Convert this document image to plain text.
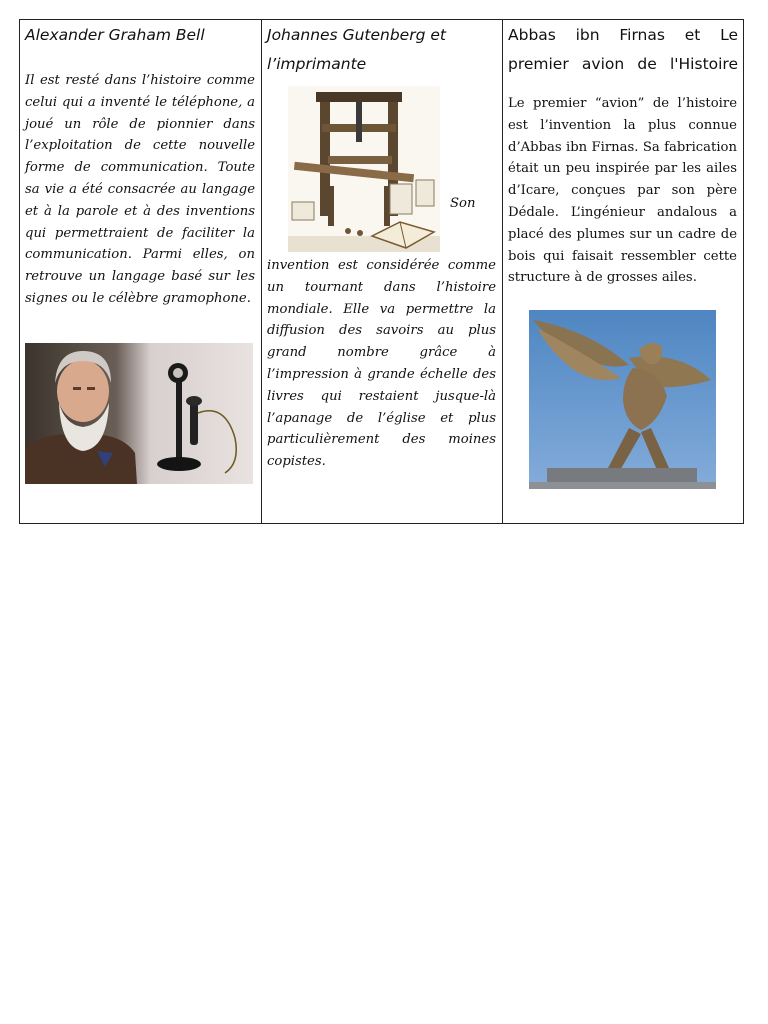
Alexander Graham Bell

Il est resté dans l’histoire comme celui qui a inventé le téléphone, a joué un rôle de pionnier dans l’exploitation de cette nouvelle forme de communication. Toute sa vie a été consacrée au langage et à la parole et à des inventions qui permettraient de faciliter la communication. Parmi elles, on retrouve un langage basé sur les signes ou le célèbre gramophone.

Johannes Gutenberg et l’imprimante
Son

invention est considérée comme un tournant dans l’histoire mondiale. Elle va permettre la diffusion des savoirs au plus grand nombre grâce à l’impression à grande échelle des livres qui restaient jusque-là l’apanage de l’église et plus particulièrement des moines copistes.

Abbas ibn Firnas et Le premier avion de l'Histoire

Le premier “avion” de l’histoire est l’invention la plus connue d’Abbas ibn Firnas. Sa fabrication était un peu inspirée par les ailes d’Icare, conçues par son père Dédale. L’ingénieur andalous a placé des plumes sur un cadre de bois qui faisait ressembler cette structure à de grosses ailes.
